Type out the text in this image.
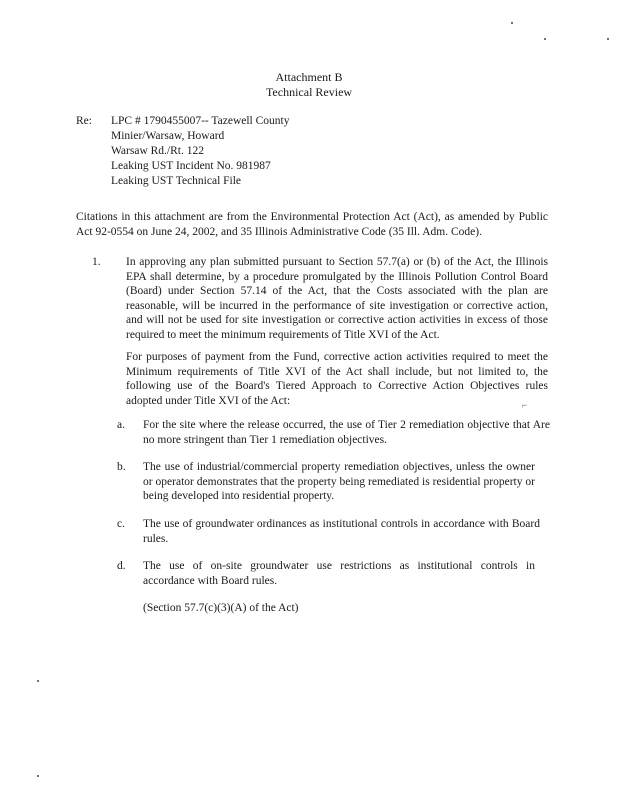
Attachment B
Technical Review
Re: LPC # 1790455007-- Tazewell County
Minier/Warsaw, Howard
Warsaw Rd./Rt. 122
Leaking UST Incident No. 981987
Leaking UST Technical File
Citations in this attachment are from the Environmental Protection Act (Act), as amended by Public Act 92-0554 on June 24, 2002, and 35 Illinois Administrative Code (35 Ill. Adm. Code).
1. In approving any plan submitted pursuant to Section 57.7(a) or (b) of the Act, the Illinois EPA shall determine, by a procedure promulgated by the Illinois Pollution Control Board (Board) under Section 57.14 of the Act, that the Costs associated with the plan are reasonable, will be incurred in the performance of site investigation or corrective action, and will not be used for site investigation or corrective action activities in excess of those required to meet the minimum requirements of Title XVI of the Act.
For purposes of payment from the Fund, corrective action activities required to meet the Minimum requirements of Title XVI of the Act shall include, but not limited to, the following use of the Board's Tiered Approach to Corrective Action Objectives rules adopted under Title XVI of the Act:
a. For the site where the release occurred, the use of Tier 2 remediation objective that Are no more stringent than Tier 1 remediation objectives.
b. The use of industrial/commercial property remediation objectives, unless the owner or operator demonstrates that the property being remediated is residential property or being developed into residential property.
c. The use of groundwater ordinances as institutional controls in accordance with Board rules.
d. The use of on-site groundwater use restrictions as institutional controls in accordance with Board rules.
(Section 57.7(c)(3)(A) of the Act)
⌐
